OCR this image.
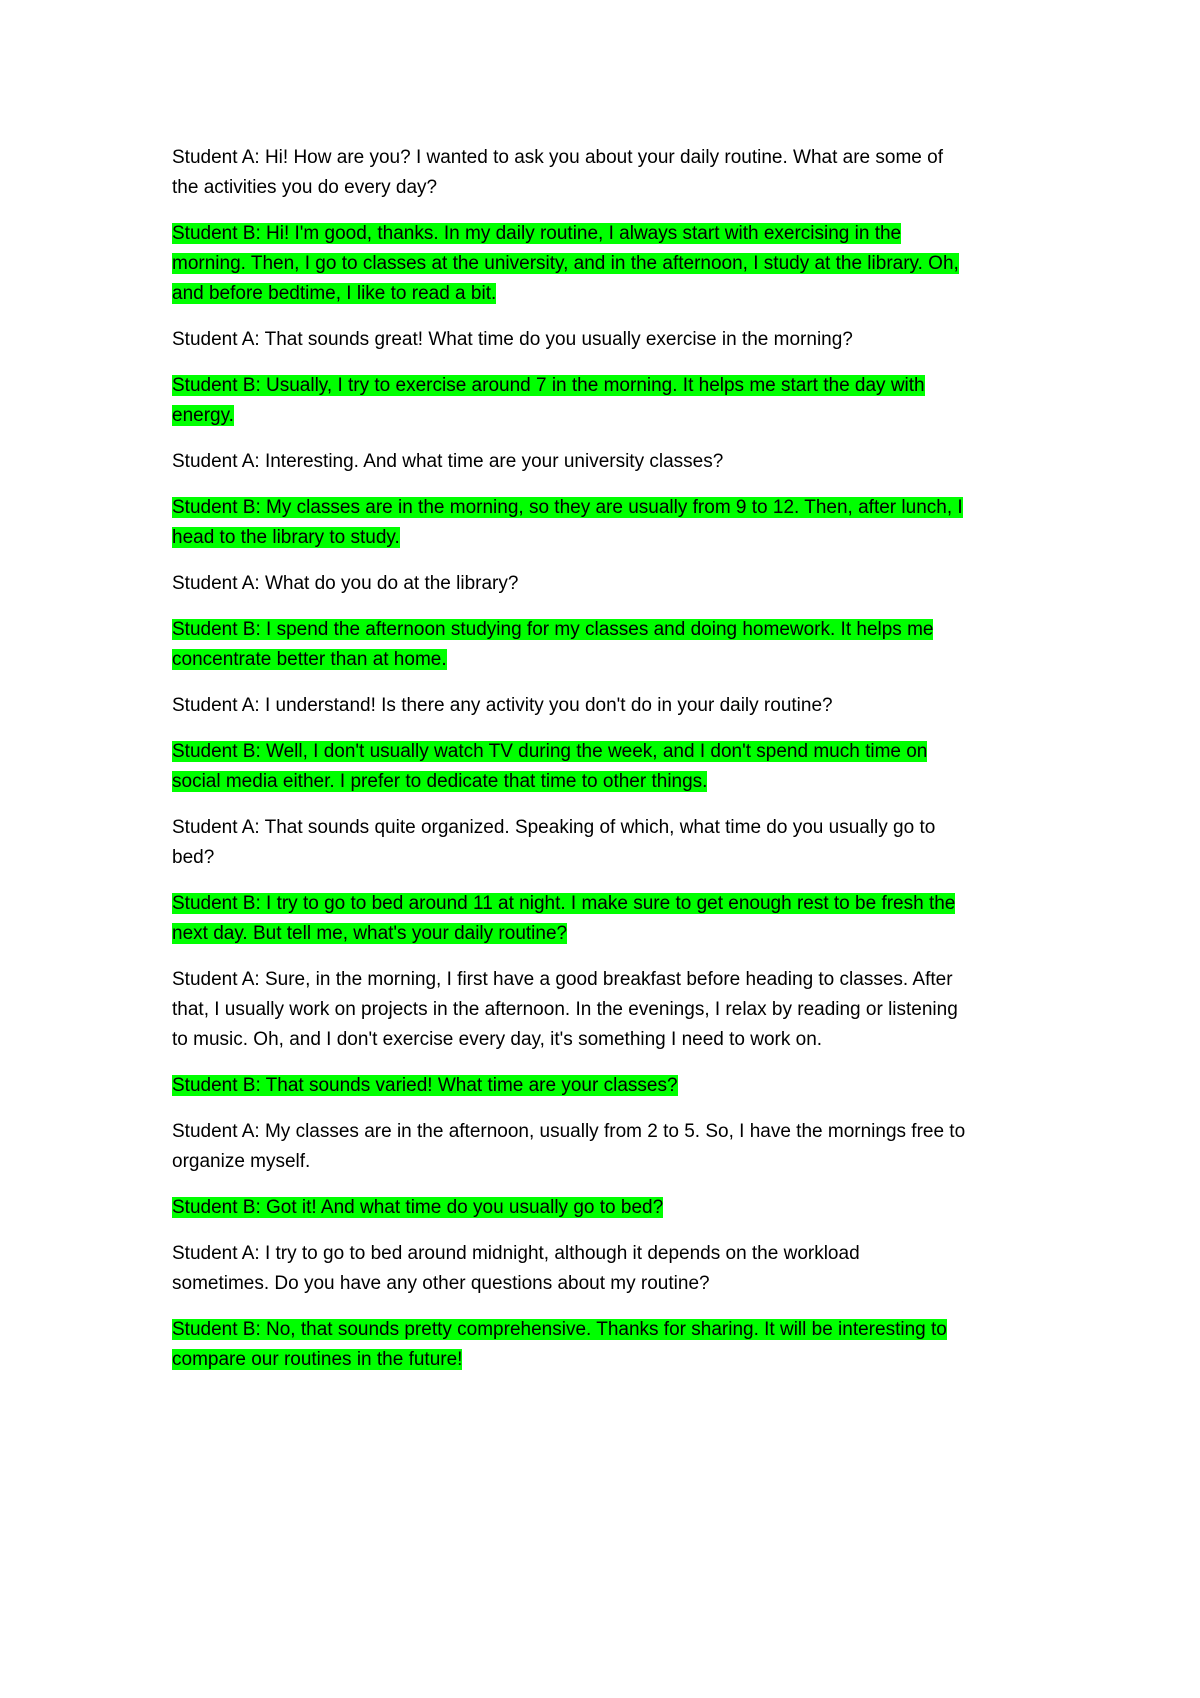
Student A: Hi! How are you? I wanted to ask you about your daily routine. What are some of
the activities you do every day?

Student B: Hi! I'm good, thanks. In my daily routine, I always start with exercising in the
morning. Then, I go to classes at the university, and in the afternoon, I study at the library. Oh,
and before bedtime, I like to read a bit.

Student A: That sounds great! What time do you usually exercise in the morning?

Student B: Usually, I try to exercise around 7 in the morning. It helps me start the day with
energy.

Student A: Interesting. And what time are your university classes?

Student B: My classes are in the morning, so they are usually from 9 to 12. Then, after lunch, I
head to the library to study.

Student A: What do you do at the library?

Student B: I spend the afternoon studying for my classes and doing homework. It helps me
concentrate better than at home.

Student A: I understand! Is there any activity you don't do in your daily routine?

Student B: Well, I don't usually watch TV during the week, and I don't spend much time on
social media either. I prefer to dedicate that time to other things.

Student A: That sounds quite organized. Speaking of which, what time do you usually go to
bed?

Student B: I try to go to bed around 11 at night. I make sure to get enough rest to be fresh the
next day. But tell me, what's your daily routine?

Student A: Sure, in the morning, I first have a good breakfast before heading to classes. After
that, I usually work on projects in the afternoon. In the evenings, I relax by reading or listening
to music. Oh, and I don't exercise every day, it's something I need to work on.

Student B: That sounds varied! What time are your classes?

Student A: My classes are in the afternoon, usually from 2 to 5. So, I have the mornings free to
organize myself.

Student B: Got it! And what time do you usually go to bed?

Student A: I try to go to bed around midnight, although it depends on the workload
sometimes. Do you have any other questions about my routine?

Student B: No, that sounds pretty comprehensive. Thanks for sharing. It will be interesting to
compare our routines in the future!
